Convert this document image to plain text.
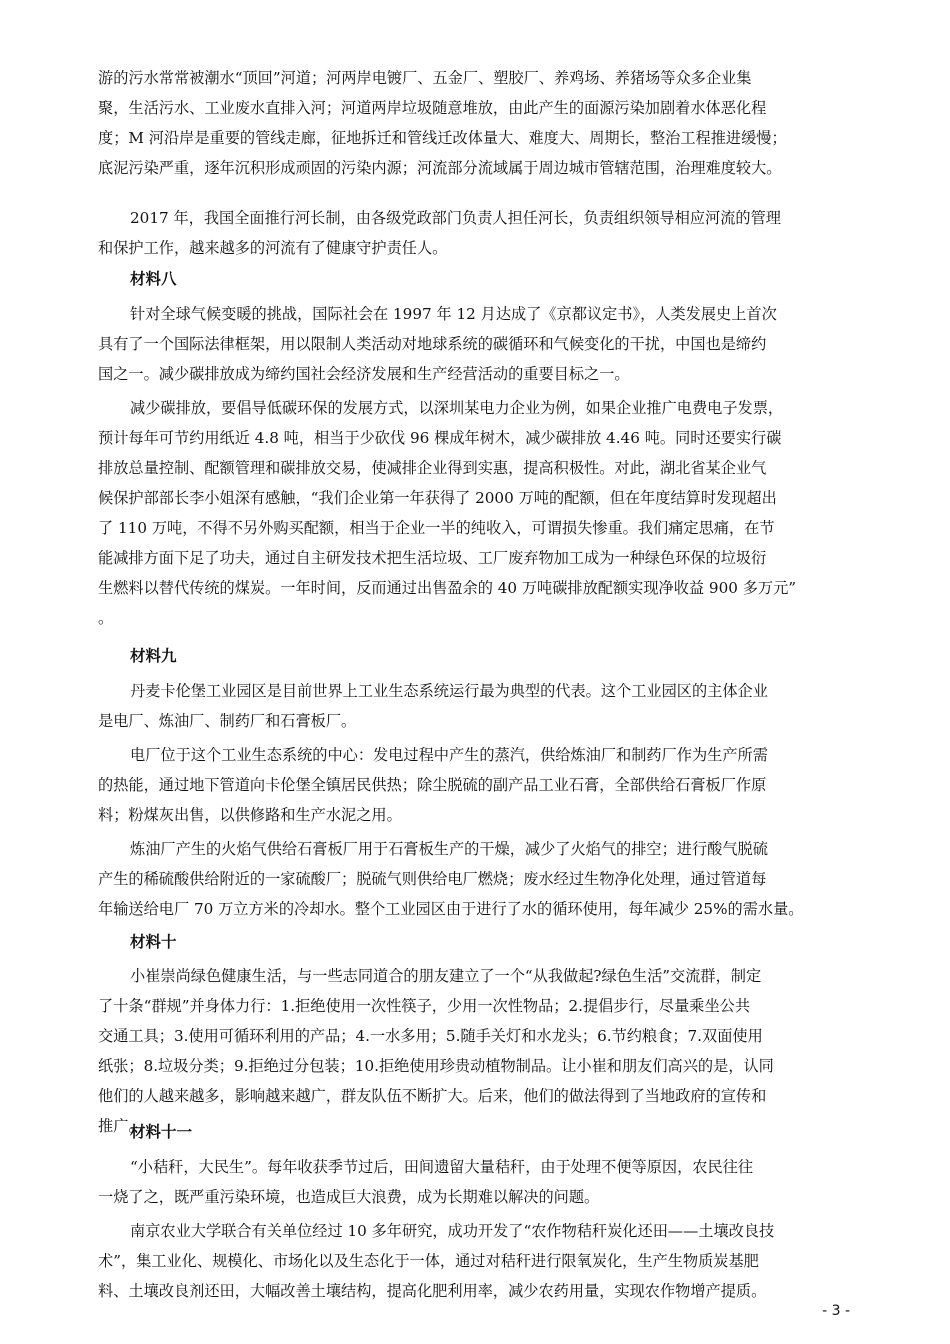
游的污水常常被潮水“顶回”河道；河两岸电镀厂、五金厂、塑胶厂、养鸡场、养猪场等众多企业集
聚，生活污水、工业废水直排入河；河道两岸垃圾随意堆放，由此产生的面源污染加剧着水体恶化程
度；M 河沿岸是重要的管线走廊，征地拆迁和管线迁改体量大、难度大、周期长，整治工程推进缓慢；
底泥污染严重，逐年沉积形成顽固的污染内源；河流部分流域属于周边城市管辖范围，治理难度较大。
2017 年，我国全面推行河长制，由各级党政部门负责人担任河长，负责组织领导相应河流的管理
和保护工作，越来越多的河流有了健康守护责任人。
材料八
针对全球气候变暖的挑战，国际社会在 1997 年 12 月达成了《京都议定书》，人类发展史上首次
具有了一个国际法律框架，用以限制人类活动对地球系统的碳循环和气候变化的干扰，中国也是缔约
国之一。减少碳排放成为缔约国社会经济发展和生产经营活动的重要目标之一。
减少碳排放，要倡导低碳环保的发展方式，以深圳某电力企业为例，如果企业推广电费电子发票，
预计每年可节约用纸近 4.8 吨，相当于少砍伐 96 棵成年树木，减少碳排放 4.46 吨。同时还要实行碳
排放总量控制、配额管理和碳排放交易，使减排企业得到实惠，提高积极性。对此，湖北省某企业气
候保护部部长李小姐深有感触，“我们企业第一年获得了 2000 万吨的配额，但在年度结算时发现超出
了 110 万吨，不得不另外购买配额，相当于企业一半的纯收入，可谓损失惨重。我们痛定思痛，在节
能减排方面下足了功夫，通过自主研发技术把生活垃圾、工厂废弃物加工成为一种绿色环保的垃圾衍
生燃料以替代传统的煤炭。一年时间，反而通过出售盈余的 40 万吨碳排放配额实现净收益 900 多万元”
。
材料九
丹麦卡伦堡工业园区是目前世界上工业生态系统运行最为典型的代表。这个工业园区的主体企业
是电厂、炼油厂、制药厂和石膏板厂。
电厂位于这个工业生态系统的中心：发电过程中产生的蒸汽，供给炼油厂和制药厂作为生产所需
的热能，通过地下管道向卡伦堡全镇居民供热；除尘脱硫的副产品工业石膏，全部供给石膏板厂作原
料；粉煤灰出售，以供修路和生产水泥之用。
炼油厂产生的火焰气供给石膏板厂用于石膏板生产的干燥，减少了火焰气的排空；进行酸气脱硫
产生的稀硫酸供给附近的一家硫酸厂；脱硫气则供给电厂燃烧；废水经过生物净化处理，通过管道每
年输送给电厂 70 万立方米的冷却水。整个工业园区由于进行了水的循环使用，每年减少 25%的需水量。
材料十
小崔崇尚绿色健康生活，与一些志同道合的朋友建立了一个“从我做起?绿色生活”交流群，制定
了十条“群规”并身体力行：1.拒绝使用一次性筷子，少用一次性物品；2.提倡步行，尽量乘坐公共
交通工具；3.使用可循环利用的产品；4.一水多用；5.随手关灯和水龙头；6.节约粮食；7.双面使用
纸张；8.垃圾分类；9.拒绝过分包装；10.拒绝使用珍贵动植物制品。让小崔和朋友们高兴的是，认同
他们的人越来越多，影响越来越广，群友队伍不断扩大。后来，他们的做法得到了当地政府的宣传和
推广。
材料十一
“小秸秆，大民生”。每年收获季节过后，田间遗留大量秸秆，由于处理不便等原因，农民往往
一烧了之，既严重污染环境，也造成巨大浪费，成为长期难以解决的问题。
南京农业大学联合有关单位经过 10 多年研究，成功开发了“农作物秸秆炭化还田——土壤改良技
术”，集工业化、规模化、市场化以及生态化于一体，通过对秸秆进行限氧炭化，生产生物质炭基肥
料、土壤改良剂还田，大幅改善土壤结构，提高化肥利用率，减少农药用量，实现农作物增产提质。
- 3 -
